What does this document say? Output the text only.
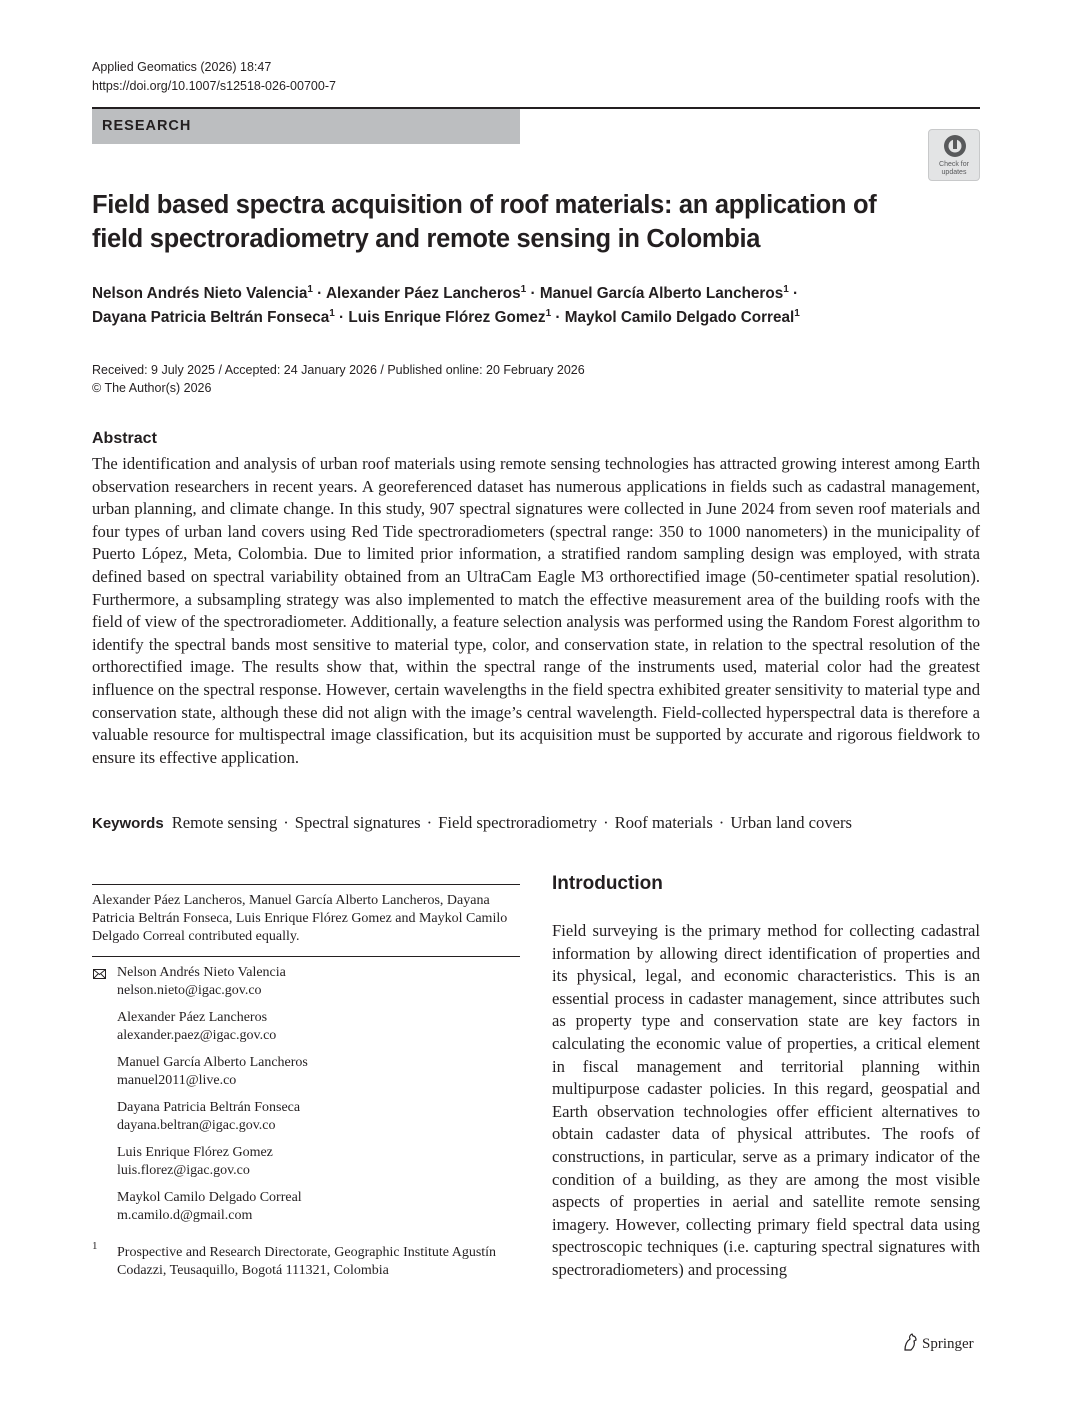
Applied Geomatics (2026) 18:47
https://doi.org/10.1007/s12518-026-00700-7
RESEARCH
Check for updates
Field based spectra acquisition of roof materials: an application of field spectroradiometry and remote sensing in Colombia
Nelson Andrés Nieto Valencia$^1$ · Alexander Páez Lancheros$^1$ · Manuel García Alberto Lancheros$^1$ ·
Dayana Patricia Beltrán Fonseca$^1$ · Luis Enrique Flórez Gomez$^1$ · Maykol Camilo Delgado Correal$^1$
Received: 9 July 2025 / Accepted: 24 January 2026 / Published online: 20 February 2026
© The Author(s) 2026
Abstract

The identification and analysis of urban roof materials using remote sensing technologies has attracted growing interest among Earth observation researchers in recent years. A georeferenced dataset has numerous applications in fields such as cadastral management, urban planning, and climate change. In this study, 907 spectral signatures were collected in June 2024 from seven roof materials and four types of urban land covers using Red Tide spectroradiometers (spectral range: 350 to 1000 nanometers) in the municipality of Puerto López, Meta, Colombia. Due to limited prior information, a stratified random sampling design was employed, with strata defined based on spectral variability obtained from an UltraCam Eagle M3 orthorectified image (50-centimeter spatial resolution). Furthermore, a subsampling strategy was also implemented to match the effective measurement area of the building roofs with the field of view of the spectroradiometer. Additionally, a feature selection analysis was performed using the Random Forest algorithm to identify the spectral bands most sensitive to material type, color, and conservation state, in relation to the spectral resolution of the orthorectified image. The results show that, within the spectral range of the instruments used, material color had the greatest influence on the spectral response. However, certain wavelengths in the field spectra exhibited greater sensitivity to material type and conservation state, although these did not align with the image’s central wavelength. Field-collected hyperspectral data is therefore a valuable resource for multispectral image classification, but its acquisition must be supported by accurate and rigorous fieldwork to ensure its effective application.

Keywords Remote sensing · Spectral signatures · Field spectroradiometry · Roof materials · Urban land covers

Alexander Páez Lancheros, Manuel García Alberto Lancheros, Dayana Patricia Beltrán Fonseca, Luis Enrique Flórez Gomez and Maykol Camilo Delgado Correal contributed equally.

Nelson Andrés Nieto Valencia
nelson.nieto@igac.gov.co
Alexander Páez Lancheros
alexander.paez@igac.gov.co
Manuel García Alberto Lancheros
manuel2011@live.co
Dayana Patricia Beltrán Fonseca
dayana.beltran@igac.gov.co
Luis Enrique Flórez Gomez
luis.florez@igac.gov.co
Maykol Camilo Delgado Correal
m.camilo.d@gmail.com
1 Prospective and Research Directorate, Geographic Institute Agustín Codazzi, Teusaquillo, Bogotá 111321, Colombia

Introduction

Field surveying is the primary method for collecting cadastral information by allowing direct identification of properties and its physical, legal, and economic characteristics. This is an essential process in cadaster management, since attributes such as property type and conservation state are key factors in calculating the economic value of properties, a critical element in fiscal management and territorial planning within multipurpose cadaster policies. In this regard, geospatial and Earth observation technologies offer efficient alternatives to obtain cadaster data of physical attributes. The roofs of constructions, in particular, serve as a primary indicator of the condition of a building, as they are among the most visible aspects of properties in aerial and satellite remote sensing imagery. However, collecting primary field spectral data using spectroscopic techniques (i.e. capturing spectral signatures with spectroradiometers) and processing

Springer
